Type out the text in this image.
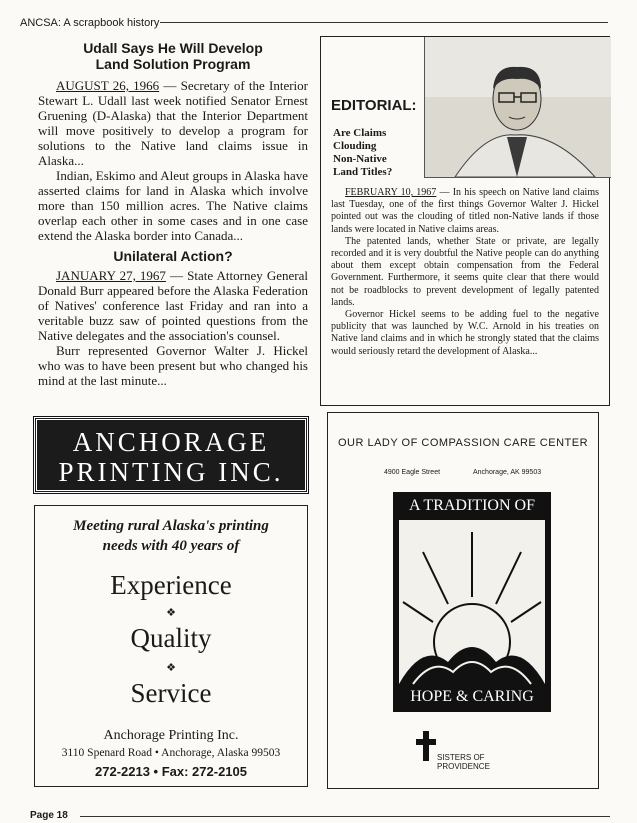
ANCSA: A scrapbook history
Udall Says He Will Develop
Land Solution Program

AUGUST 26, 1966 — Secretary of the Interior Stewart L. Udall last week notified Senator Ernest Gruening (D-Alaska) that the Interior Department will move positively to develop a program for solutions to the Native land claims issue in Alaska...

Indian, Eskimo and Aleut groups in Alaska have asserted claims for land in Alaska which involve more than 150 million acres. The Native claims overlap each other in some cases and in one case extend the Alaska border into Canada...

Unilateral Action?

JANUARY 27, 1967 — State Attorney General Donald Burr appeared before the Alaska Federation of Natives' conference last Friday and ran into a veritable buzz saw of pointed questions from the Native delegates and the association's counsel.

Burr represented Governor Walter J. Hickel who was to have been present but who changed his mind at the last minute...

EDITORIAL:
Are Claims
Clouding
Non-Native
Land Titles?

FEBRUARY 10, 1967 — In his speech on Native land claims last Tuesday, one of the first things Governor Walter J. Hickel pointed out was the clouding of titled non-Native lands if those lands were located in Native claims areas.

The patented lands, whether State or private, are legally recorded and it is very doubtful the Native people can do anything about them except obtain compensation from the Federal Government. Furthermore, it seems quite clear that there would not be roadblocks to prevent development of legally patented lands.

Governor Hickel seems to be adding fuel to the negative publicity that was launched by W.C. Arnold in his treaties on Native land claims and in which he strongly stated that the claims would seriously retard the development of Alaska...

ANCHORAGE
PRINTING INC.
Meeting rural Alaska's printing
needs with 40 years of
Experience
❖
Quality
❖
Service
Anchorage Printing Inc.
3110 Spenard Road • Anchorage, Alaska 99503
272-2213 • Fax: 272-2105
OUR LADY OF COMPASSION CARE CENTER
4900 Eagle Street	Anchorage, AK 99503
A TRADITION OF
HOPE & CARING
SISTERS OF
PROVIDENCE
Page 18
